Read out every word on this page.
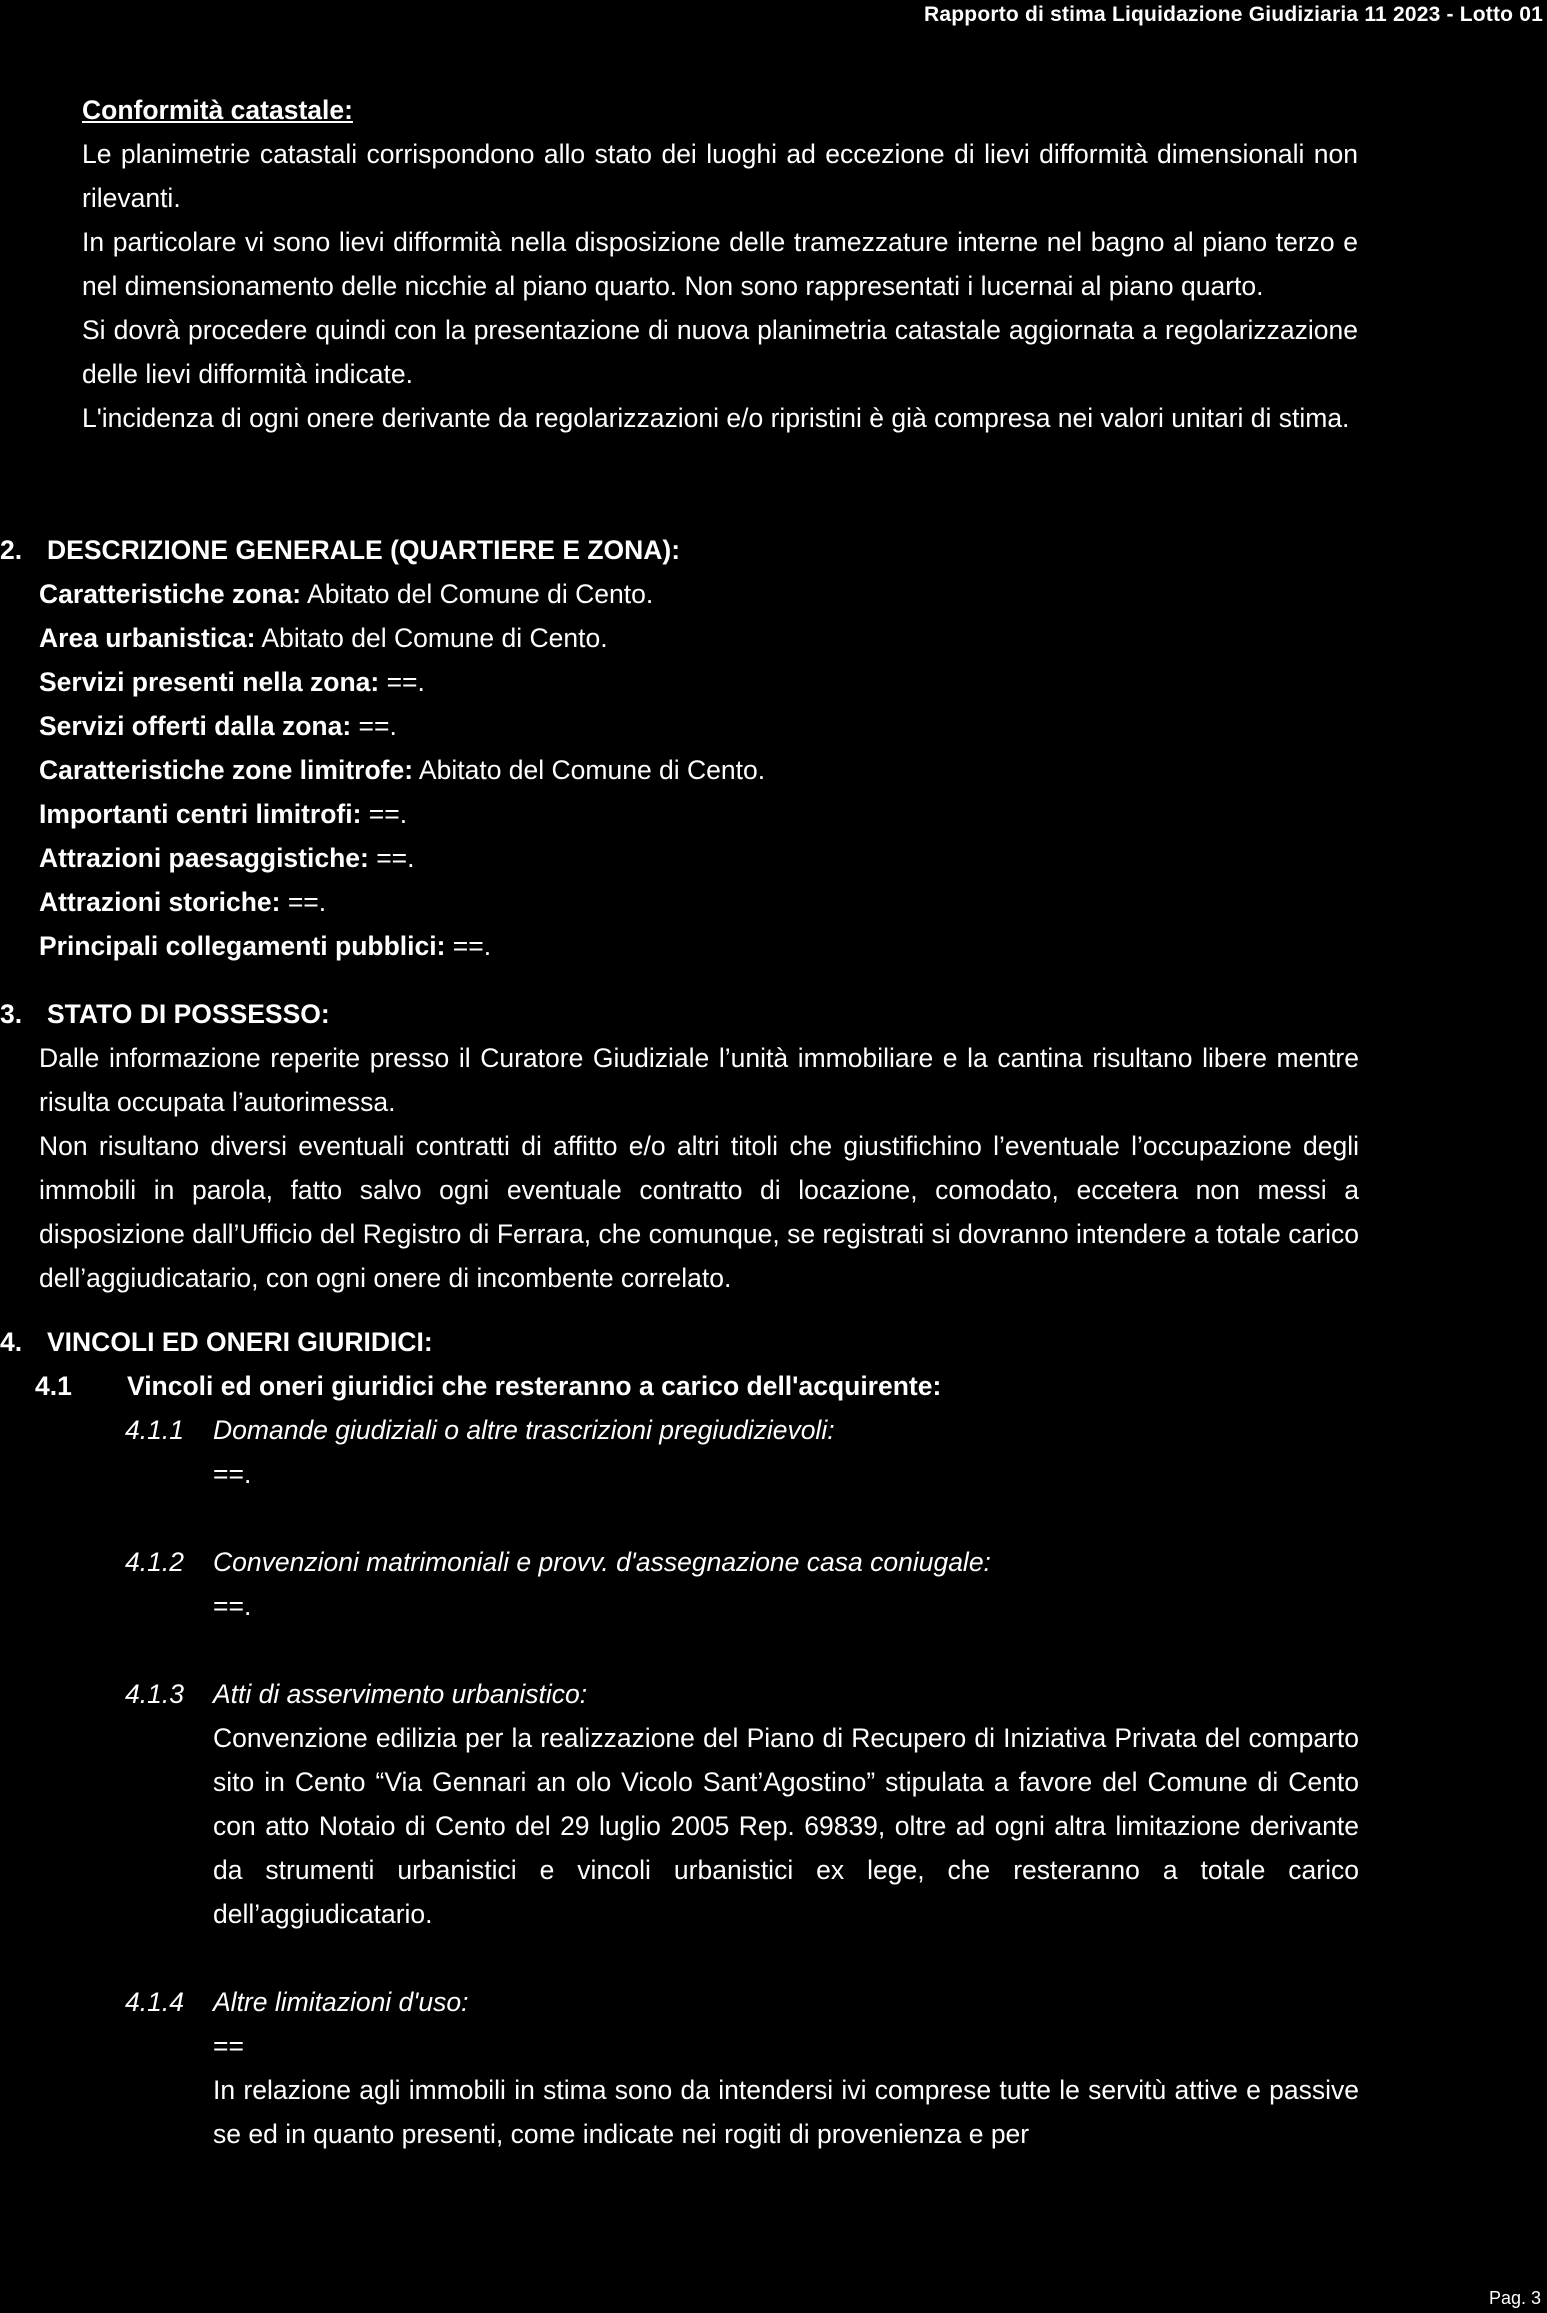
Rapporto di stima Liquidazione Giudiziaria 11 2023 - Lotto 01
Conformità catastale:
Le planimetrie catastali corrispondono allo stato dei luoghi ad eccezione di lievi difformità dimensionali non rilevanti.
In particolare vi sono lievi difformità nella disposizione delle tramezzature interne nel bagno al piano terzo e nel dimensionamento delle nicchie al piano quarto. Non sono rappresentati i lucernai al piano quarto.
Si dovrà procedere quindi con la presentazione di nuova planimetria catastale aggiornata a regolarizzazione delle lievi difformità indicate.
L'incidenza di ogni onere derivante da regolarizzazioni e/o ripristini è già compresa nei valori unitari di stima.
2. DESCRIZIONE GENERALE (QUARTIERE E ZONA):
Caratteristiche zona: Abitato del Comune di Cento.
Area urbanistica: Abitato del Comune di Cento.
Servizi presenti nella zona: ==.
Servizi offerti dalla zona: ==.
Caratteristiche zone limitrofe: Abitato del Comune di Cento.
Importanti centri limitrofi: ==.
Attrazioni paesaggistiche: ==.
Attrazioni storiche: ==.
Principali collegamenti pubblici: ==.
3. STATO DI POSSESSO:
Dalle informazione reperite presso il Curatore Giudiziale l’unità immobiliare e la cantina risultano libere mentre risulta occupata l’autorimessa.
Non risultano diversi eventuali contratti di affitto e/o altri titoli che giustifichino l’eventuale l’occupazione degli immobili in parola, fatto salvo ogni eventuale contratto di locazione, comodato, eccetera non messi a disposizione dall’Ufficio del Registro di Ferrara, che comunque, se registrati si dovranno intendere a totale carico dell’aggiudicatario, con ogni onere di incombente correlato.
4. VINCOLI ED ONERI GIURIDICI:
4.1 Vincoli ed oneri giuridici che resteranno a carico dell'acquirente:
4.1.1 Domande giudiziali o altre trascrizioni pregiudizievoli:
==.
4.1.2 Convenzioni matrimoniali e provv. d'assegnazione casa coniugale:
==.
4.1.3 Atti di asservimento urbanistico:
Convenzione edilizia per la realizzazione del Piano di Recupero di Iniziativa Privata del comparto sito in Cento “Via Gennari an olo Vicolo Sant’Agostino” stipulata a favore del Comune di Cento con atto Notaio di Cento del 29 luglio 2005 Rep. 69839, oltre ad ogni altra limitazione derivante da strumenti urbanistici e vincoli urbanistici ex lege, che resteranno a totale carico dell’aggiudicatario.
4.1.4 Altre limitazioni d'uso:
==
In relazione agli immobili in stima sono da intendersi ivi comprese tutte le servitù attive e passive se ed in quanto presenti, come indicate nei rogiti di provenienza e per
Pag. 3
